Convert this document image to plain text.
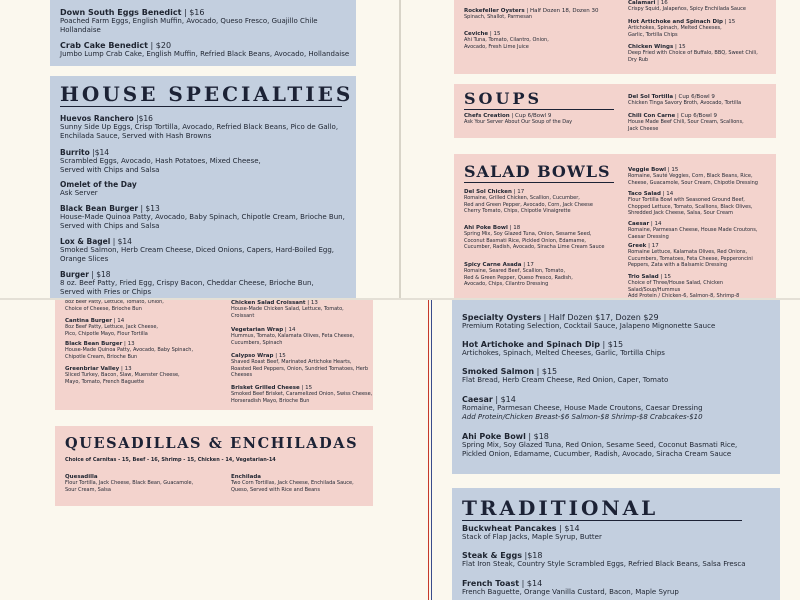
Down South Eggs Benedict | $16
Poached Farm Eggs, English Muffin, Avocado, Queso Fresco, Guajillo Chile
Hollandaise
Crab Cake Benedict | $20
Jumbo Lump Crab Cake, English Muffin, Refried Black Beans, Avocado, Hollandaise
HOUSE SPECIALTIES
Huevos Ranchero |$16
Sunny Side Up Eggs, Crisp Tortilla, Avocado, Refried Black Beans, Pico de Gallo,
Enchilada Sauce, Served with Hash Browns
Burrito |$14
Scrambled Eggs, Avocado, Hash Potatoes, Mixed Cheese,
Served with Chips and Salsa
Omelet of the Day
Ask Server
Black Bean Burger | $13
House-Made Quinoa Patty, Avocado, Baby Spinach, Chipotle Cream, Brioche Bun,
Served with Chips and Salsa
Lox & Bagel | $14
Smoked Salmon, Herb Cream Cheese, Diced Onions, Capers, Hard-Boiled Egg,
Orange Slices
Burger | $18
8 oz. Beef Patty, Fried Egg, Crispy Bacon, Cheddar Cheese, Brioche Bun,
Served with Fries or Chips
Rockefeller Oysters | Half Dozen 18, Dozen 30
Spinach, Shallot, Parmesan
Ceviche | 15
Ahi Tuna, Tomato, Cilantro, Onion,
Avocado, Fresh Lime Juice
Calamari | 16
Crispy Squid, Jalapeños, Spicy Enchilada Sauce
Hot Artichoke and Spinach Dip | 15
Artichokes, Spinach, Melted Cheeses,
Garlic, Tortilla Chips
Chicken Wings | 15
Deep Fried with Choice of Buffalo, BBQ, Sweet Chili,
Dry Rub
SOUPS
Chefs Creation | Cup 6/Bowl 9
Ask Your Server About Our Soup of the Day
Del Sol Tortilla | Cup 6/Bowl 9
Chicken Tinga Savory Broth, Avocado, Tortilla
Chili Con Carne | Cup 6/Bowl 9
House Made Beef Chili, Sour Cream, Scallions,
Jack Cheese
SALAD BOWLS
Del Sol Chicken | 17
Romaine, Grilled Chicken, Scallion, Cucumber,
Red and Green Pepper, Avocado, Corn, Jack Cheese
Cherry Tomato, Chips, Chipotle Vinaigrette
Ahi Poke Bowl | 18
Spring Mix, Soy Glazed Tuna, Onion, Sesame Seed,
Coconut Basmati Rice, Pickled Onion, Edamame,
Cucumber, Radish, Avocado, Siracha Lime Cream Sauce
Spicy Carne Asada | 17
Romaine, Seared Beef, Scallion, Tomato,
Red & Green Pepper, Queso Fresco, Radish,
Avocado, Chips, Cilantro Dressing
Veggie Bowl | 15
Romaine, Sauté Veggies, Corn, Black Beans, Rice,
Cheese, Guacamole, Sour Cream, Chipotle Dressing
Taco Salad | 14
Flour Tortilla Bowl with Seasoned Ground Beef,
Chopped Lettuce, Tomato, Scallions, Black Olives,
Shredded Jack Cheese, Salsa, Sour Cream
Caesar | 14
Romaine, Parmesan Cheese, House Made Croutons,
Caesar Dressing
Greek | 17
Romaine Lettuce, Kalamata Olives, Red Onions,
Cucumbers, Tomatoes, Feta Cheese, Pepperoncini
Peppers, Zata with a Balsamic Dressing
Trio Salad | 15
Choice of Three/House Salad, Chicken
Salad/Soup/Hummus
Add Protein / Chicken-6, Salmon-8, Shrimp-8
8oz Beef Patty, Lettuce, Tomato, Onion,
Choice of Cheese, Brioche Bun
Cantina Burger | 14
8oz Beef Patty, Lettuce, Jack Cheese,
Pico, Chipotle Mayo, Flour Tortilla
Black Bean Burger | 13
House-Made Quinoa Patty, Avocado, Baby Spinach,
Chipotle Cream, Brioche Bun
Greenbriar Valley | 13
Sliced Turkey, Bacon, Slaw, Muenster Cheese,
Mayo, Tomato, French Baguette
Chicken Salad Croissant | 13
House-Made Chicken Salad, Lettuce, Tomato,
Croissant
Vegetarian Wrap | 14
Hummus, Tomato, Kalamata Olives, Feta Cheese,
Cucumbers, Spinach
Calypso Wrap | 15
Shaved Roast Beef, Marinated Artichoke Hearts,
Roasted Red Peppers, Onion, Sundried Tomatoes, Herb
Cheeses
Brisket Grilled Cheese | 15
Smoked Beef Brisket, Caramelized Onion, Swiss Cheese,
Horseradish Mayo, Brioche Bun
QUESADILLAS & ENCHILADAS
Choice of Carnitas - 15, Beef - 16, Shrimp - 15, Chicken - 14, Vegetarian-14
Quesadilla
Flour Tortilla, Jack Cheese, Black Bean, Guacamole,
Sour Cream, Salsa
Enchilada
Two Corn Tortillas, Jack Cheese, Enchilada Sauce,
Queso, Served with Rice and Beans
Specialty Oysters | Half Dozen $17, Dozen $29
Premium Rotating Selection, Cocktail Sauce, Jalapeno Mignonette Sauce
Hot Artichoke and Spinach Dip | $15
Artichokes, Spinach, Melted Cheeses, Garlic, Tortilla Chips
Smoked Salmon | $15
Flat Bread, Herb Cream Cheese, Red Onion, Caper, Tomato
Caesar | $14
Romaine, Parmesan Cheese, House Made Croutons, Caesar Dressing
Add Protein/Chicken Breast-$6 Salmon-$8 Shrimp-$8 Crabcakes-$10
Ahi Poke Bowl | $18
Spring Mix, Soy Glazed Tuna, Red Onion, Sesame Seed, Coconut Basmati Rice,
Pickled Onion, Edamame, Cucumber, Radish, Avocado, Siracha Cream Sauce
TRADITIONAL
Buckwheat Pancakes | $14
Stack of Flap Jacks, Maple Syrup, Butter
Steak & Eggs |$18
Flat Iron Steak, Country Style Scrambled Eggs, Refried Black Beans, Salsa Fresca
French Toast | $14
French Baguette, Orange Vanilla Custard, Bacon, Maple Syrup
